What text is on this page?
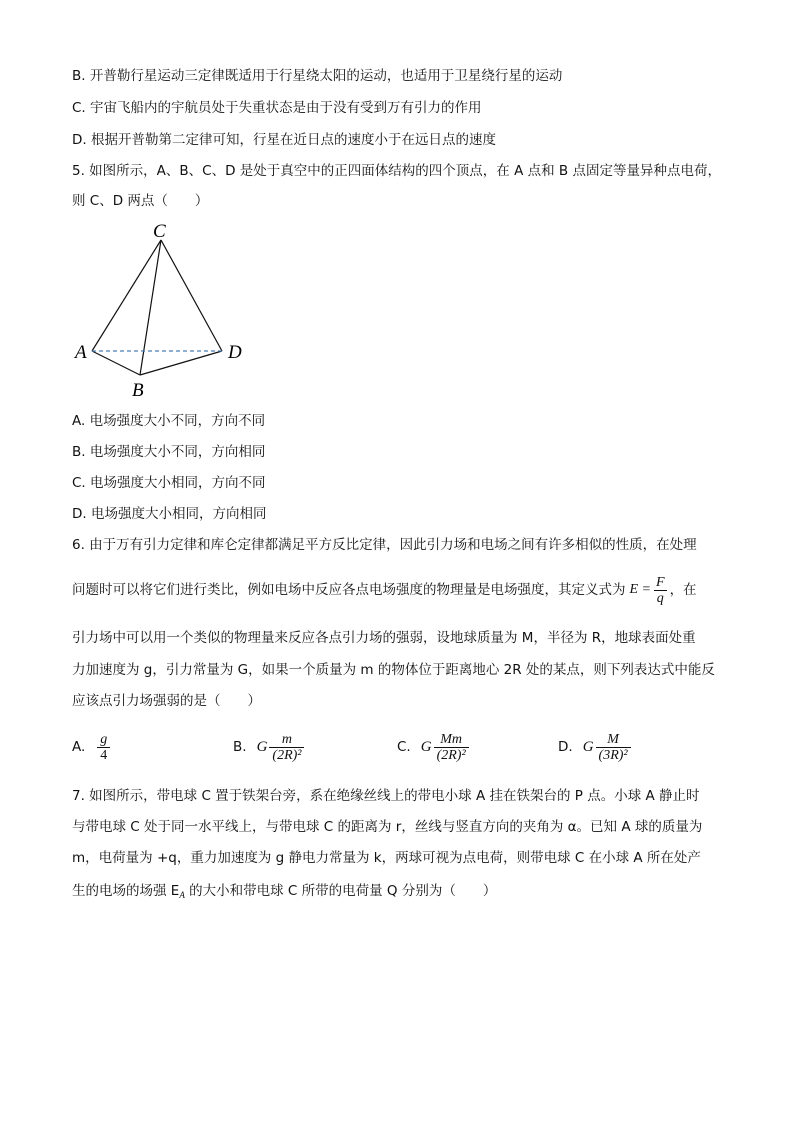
B. 开普勒行星运动三定律既适用于行星绕太阳的运动，也适用于卫星绕行星的运动
C. 宇宙飞船内的宇航员处于失重状态是由于没有受到万有引力的作用
D. 根据开普勒第二定律可知，行星在近日点的速度小于在远日点的速度
5. 如图所示，A、B、C、D 是处于真空中的正四面体结构的四个顶点，在 A 点和 B 点固定等量异种点电荷，
则 C、D 两点（　　）
C
A	D
B
A. 电场强度大小不同，方向不同
B. 电场强度大小不同，方向相同
C. 电场强度大小相同，方向不同
D. 电场强度大小相同，方向相同
6. 由于万有引力定律和库仑定律都满足平方反比定律，因此引力场和电场之间有许多相似的性质，在处理
问题时可以将它们进行类比，例如电场中反应各点电场强度的物理量是电场强度，其定义式为 $E = \frac{F}{q}$ ，在
引力场中可以用一个类似的物理量来反应各点引力场的强弱，设地球质量为 M，半径为 R，地球表面处重
力加速度为 g，引力常量为 G，如果一个质量为 m 的物体位于距离地心 2R 处的某点，则下列表达式中能反
应该点引力场强弱的是（　　）
A. $\frac{g}{4}$	B. G $\frac{m}{\text{(2R)²}}$	C. G $\frac{Mm}{\text{(2R)²}}$	D. G $\frac{M}{\text{(3R)²}}$
7. 如图所示，带电球 C 置于铁架台旁，系在绝缘丝线上的带电小球 A 挂在铁架台的 P 点。小球 A 静止时
与带电球 C 处于同一水平线上，与带电球 C 的距离为 r，丝线与竖直方向的夹角为 α。已知 A 球的质量为
m，电荷量为 +q，重力加速度为 g 静电力常量为 k，两球可视为点电荷，则带电球 C 在小球 A 所在处产
生的电场的场强 $E_A$ 的大小和带电球 C 所带的电荷量 Q 分别为（　　）
